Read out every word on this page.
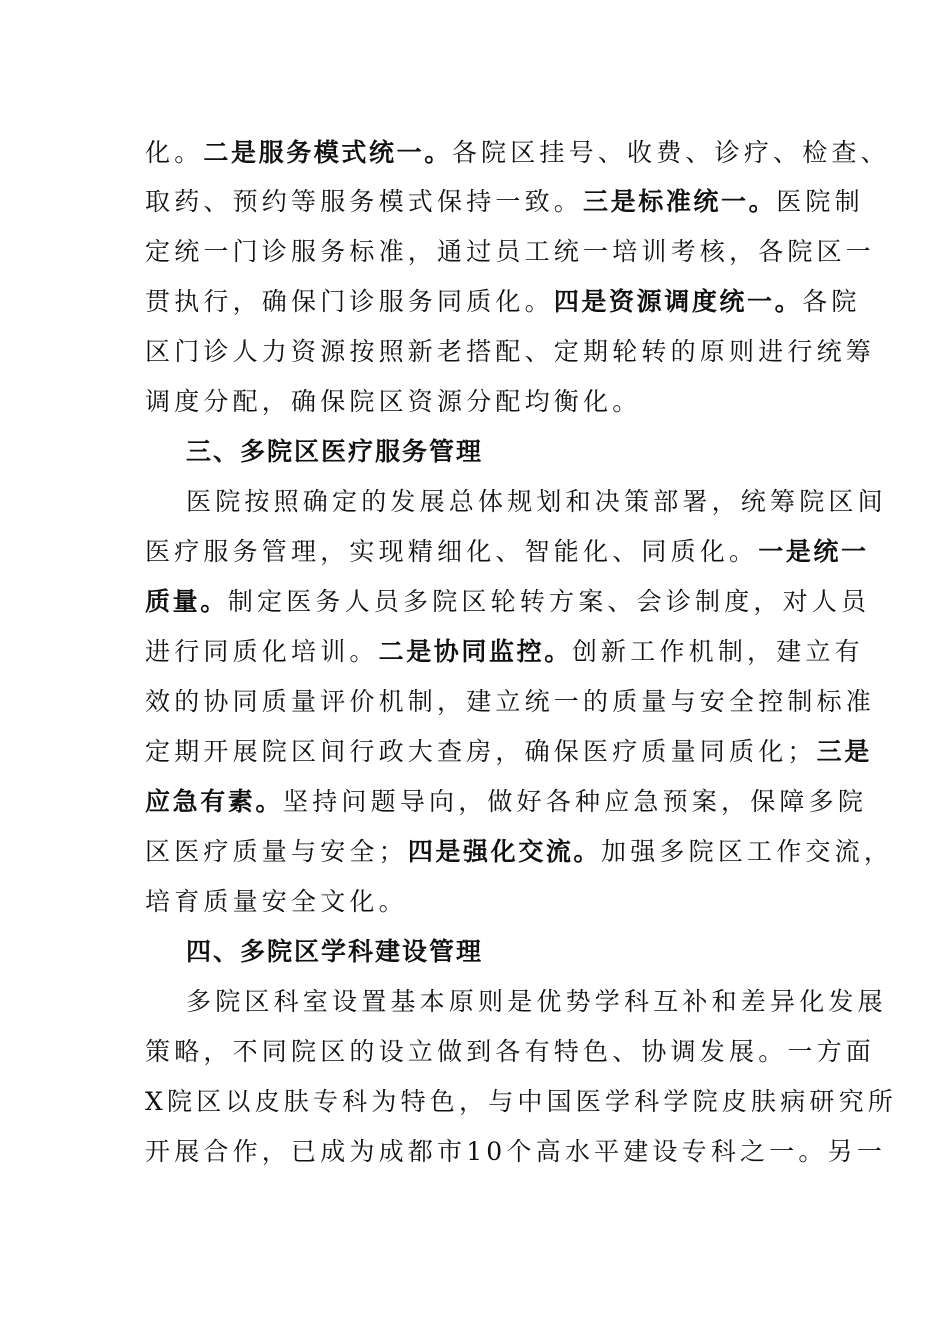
化。二是服务模式统一。各院区挂号、收费、诊疗、检查、
取药、预约等服务模式保持一致。三是标准统一。医院制
定统一门诊服务标准，通过员工统一培训考核，各院区一
贯执行，确保门诊服务同质化。四是资源调度统一。各院
区门诊人力资源按照新老搭配、定期轮转的原则进行统筹
调度分配，确保院区资源分配均衡化。
三、多院区医疗服务管理
医院按照确定的发展总体规划和决策部署，统筹院区间
医疗服务管理，实现精细化、智能化、同质化。一是统一
质量。制定医务人员多院区轮转方案、会诊制度，对人员
进行同质化培训。二是协同监控。创新工作机制，建立有
效的协同质量评价机制，建立统一的质量与安全控制标准
定期开展院区间行政大查房，确保医疗质量同质化；三是
应急有素。坚持问题导向，做好各种应急预案，保障多院
区医疗质量与安全；四是强化交流。加强多院区工作交流，
培育质量安全文化。
四、多院区学科建设管理
多院区科室设置基本原则是优势学科互补和差异化发展
策略，不同院区的设立做到各有特色、协调发展。一方面
X院区以皮肤专科为特色，与中国医学科学院皮肤病研究所
开展合作，已成为成都市10个高水平建设专科之一。另一
